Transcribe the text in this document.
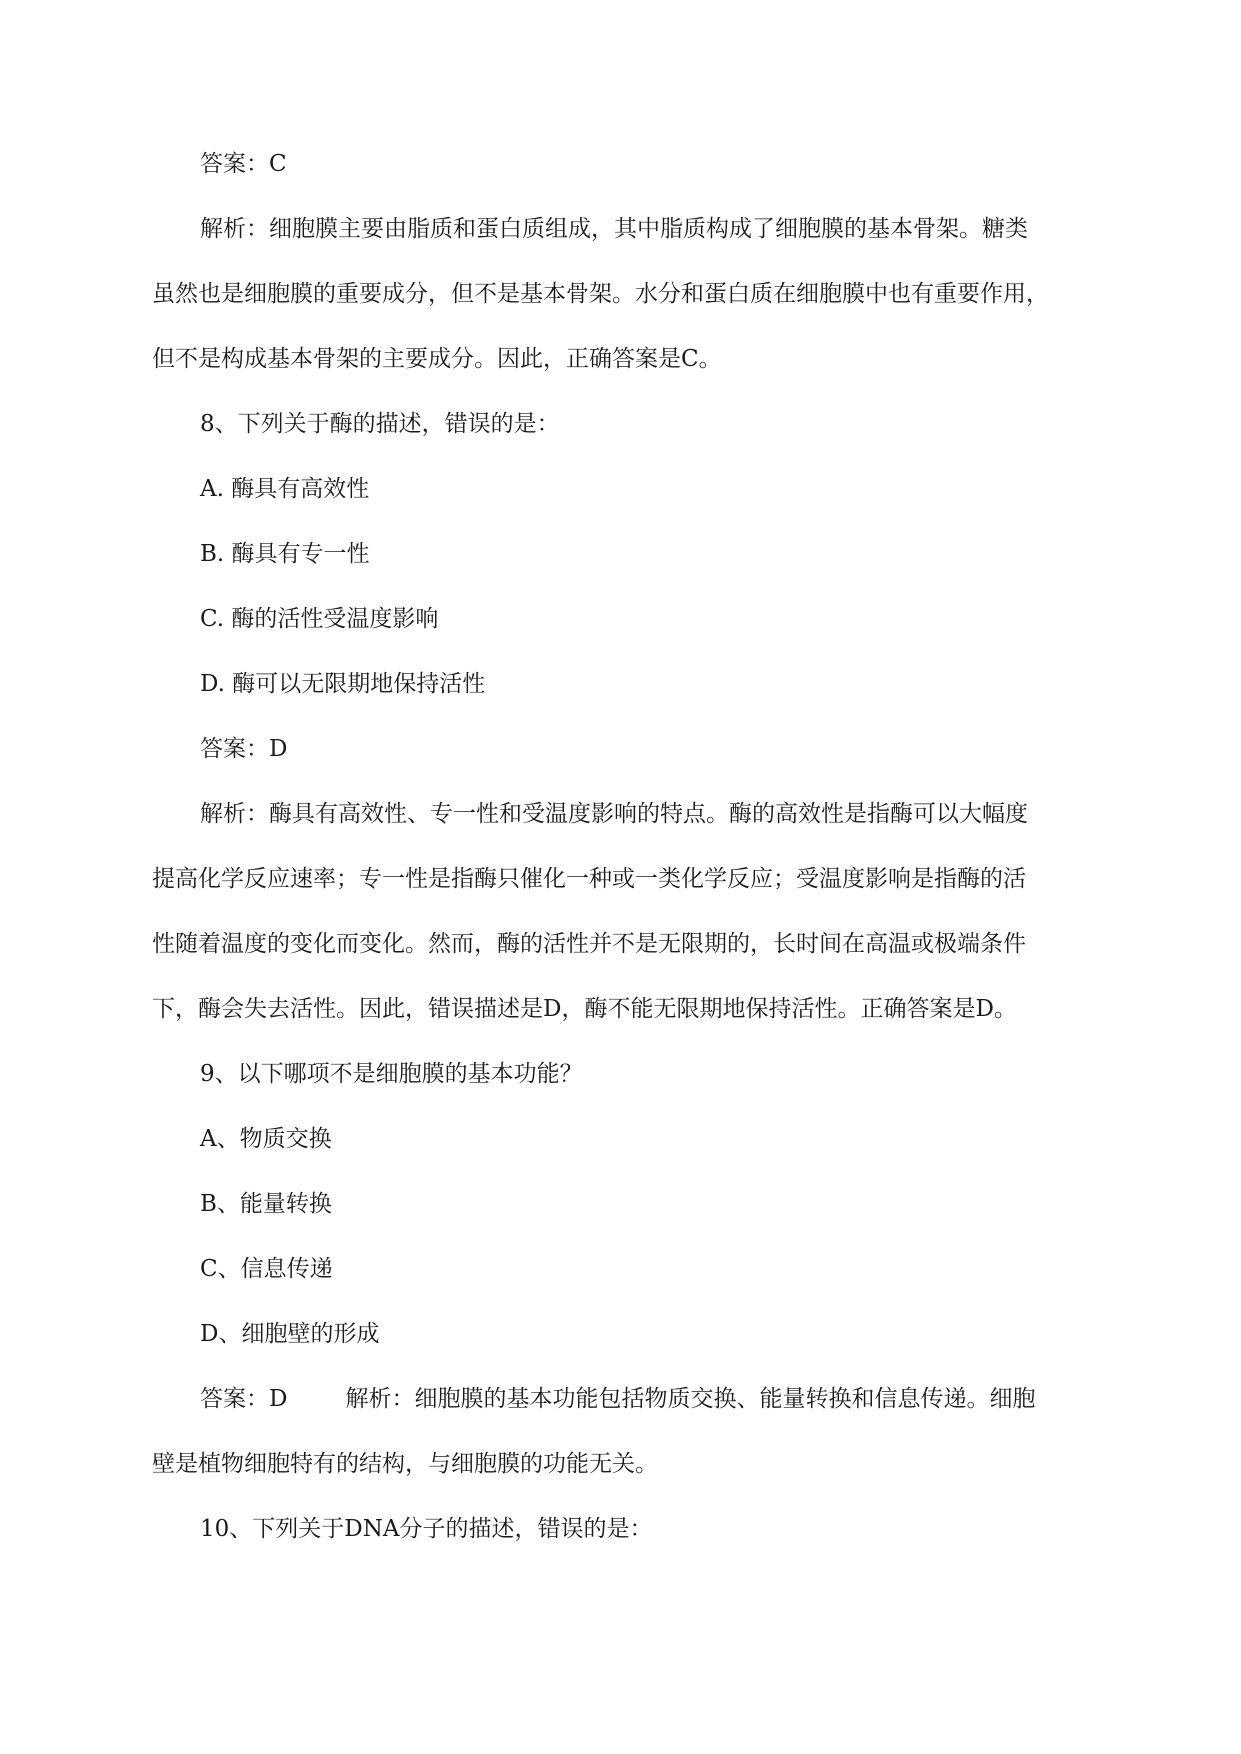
答案：C

解析：细胞膜主要由脂质和蛋白质组成，其中脂质构成了细胞膜的基本骨架。糖类

虽然也是细胞膜的重要成分，但不是基本骨架。水分和蛋白质在细胞膜中也有重要作用，

但不是构成基本骨架的主要成分。因此，正确答案是C。

8、下列关于酶的描述，错误的是：

A. 酶具有高效性

B. 酶具有专一性

C. 酶的活性受温度影响

D. 酶可以无限期地保持活性

答案：D

解析：酶具有高效性、专一性和受温度影响的特点。酶的高效性是指酶可以大幅度

提高化学反应速率；专一性是指酶只催化一种或一类化学反应；受温度影响是指酶的活

性随着温度的变化而变化。然而，酶的活性并不是无限期的，长时间在高温或极端条件

下，酶会失去活性。因此，错误描述是D，酶不能无限期地保持活性。正确答案是D。

9、以下哪项不是细胞膜的基本功能？

A、物质交换

B、能量转换

C、信息传递

D、细胞壁的形成

答案：D	解析：细胞膜的基本功能包括物质交换、能量转换和信息传递。细胞

壁是植物细胞特有的结构，与细胞膜的功能无关。

10、下列关于DNA分子的描述，错误的是：
